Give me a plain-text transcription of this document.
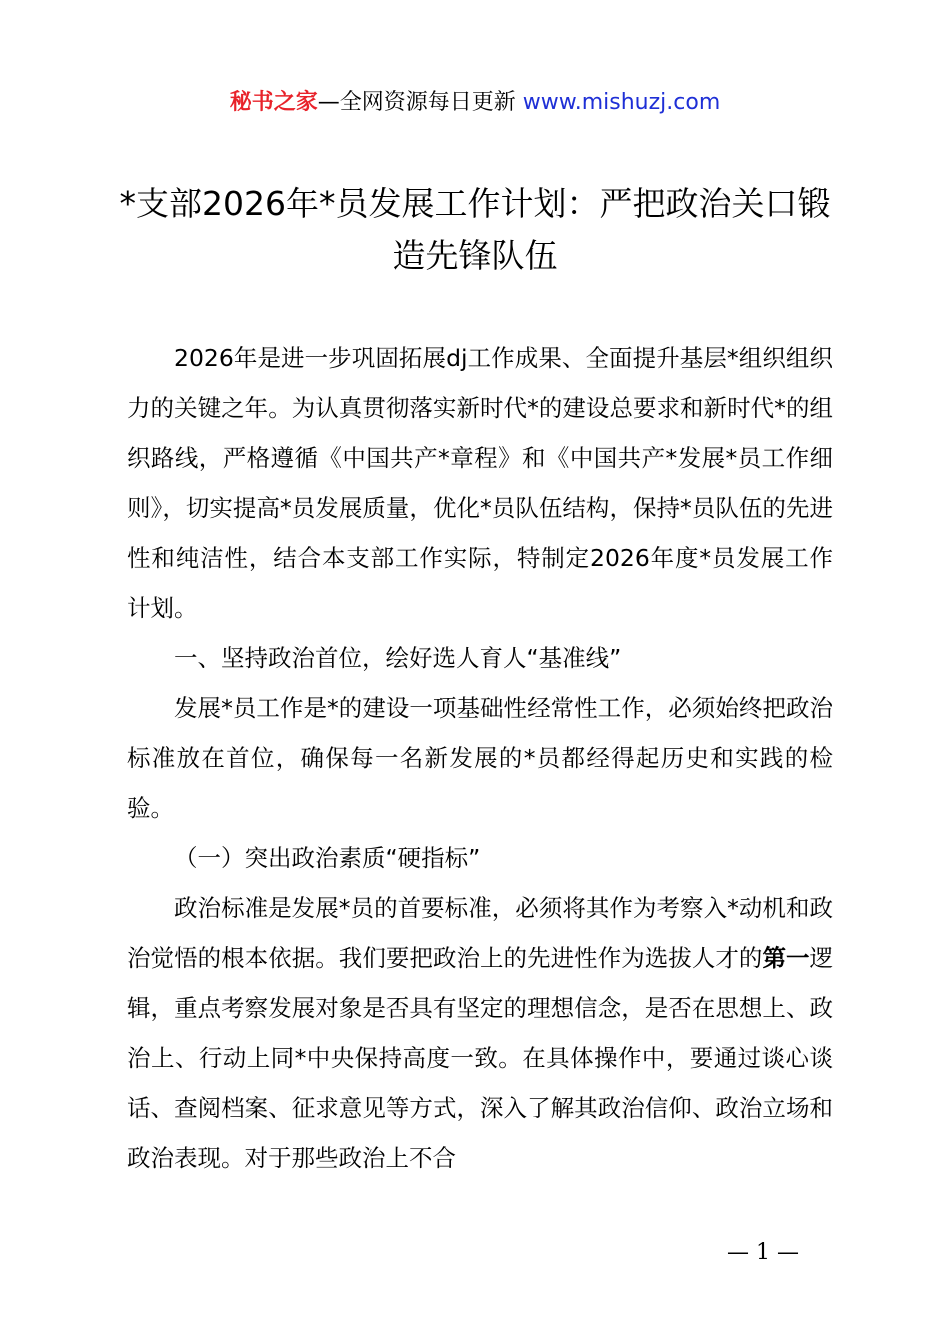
秘书之家—全网资源每日更新 www.mishuzj.com
*支部2026年*员发展工作计划：严把政治关口锻造先锋队伍

2026年是进一步巩固拓展dj工作成果、全面提升基层*组织组织力的关键之年。为认真贯彻落实新时代*的建设总要求和新时代*的组织路线，严格遵循《中国共产*章程》和《中国共产*发展*员工作细则》，切实提高*员发展质量，优化*员队伍结构，保持*员队伍的先进性和纯洁性，结合本支部工作实际，特制定2026年度*员发展工作计划。

一、坚持政治首位，绘好选人育人“基准线”

发展*员工作是*的建设一项基础性经常性工作，必须始终把政治标准放在首位，确保每一名新发展的*员都经得起历史和实践的检验。

（一）突出政治素质“硬指标”

政治标准是发展*员的首要标准，必须将其作为考察入*动机和政治觉悟的根本依据。我们要把政治上的先进性作为选拔人才的第一逻辑，重点考察发展对象是否具有坚定的理想信念，是否在思想上、政治上、行动上同*中央保持高度一致。在具体操作中，要通过谈心谈话、查阅档案、征求意见等方式，深入了解其政治信仰、政治立场和政治表现。对于那些政治上不合

— 1 —
